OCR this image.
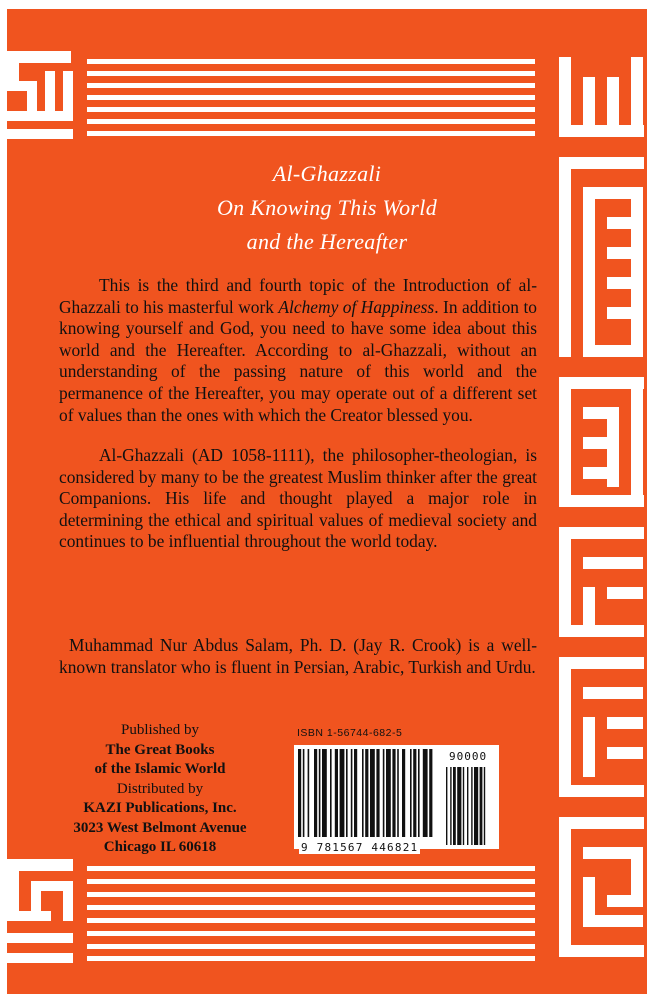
Al-Ghazzali
On Knowing This World
and the Hereafter

This is the third and fourth topic of the Introduction of al-Ghazzali to his masterful work Alchemy of Happiness. In addition to knowing yourself and God, you need to have some idea about this world and the Hereafter. According to al-Ghazzali, without an understanding of the passing nature of this world and the permanence of the Hereafter, you may operate out of a different set of values than the ones with which the Creator blessed you.

Al-Ghazzali (AD 1058-1111), the philosopher-theologian, is considered by many to be the greatest Muslim thinker after the great Companions. His life and thought played a major role in determining the ethical and spiritual values of medieval society and continues to be influential throughout the world today.

Muhammad Nur Abdus Salam, Ph. D. (Jay R. Crook) is a well-known translator who is fluent in Persian, Arabic, Turkish and Urdu.

Published by
The Great Books
of the Islamic World
Distributed by
KAZI Publications, Inc.
3023 West Belmont Avenue
Chicago IL 60618
ISBN 1-56744-682-5
90000
9 781567 446821
